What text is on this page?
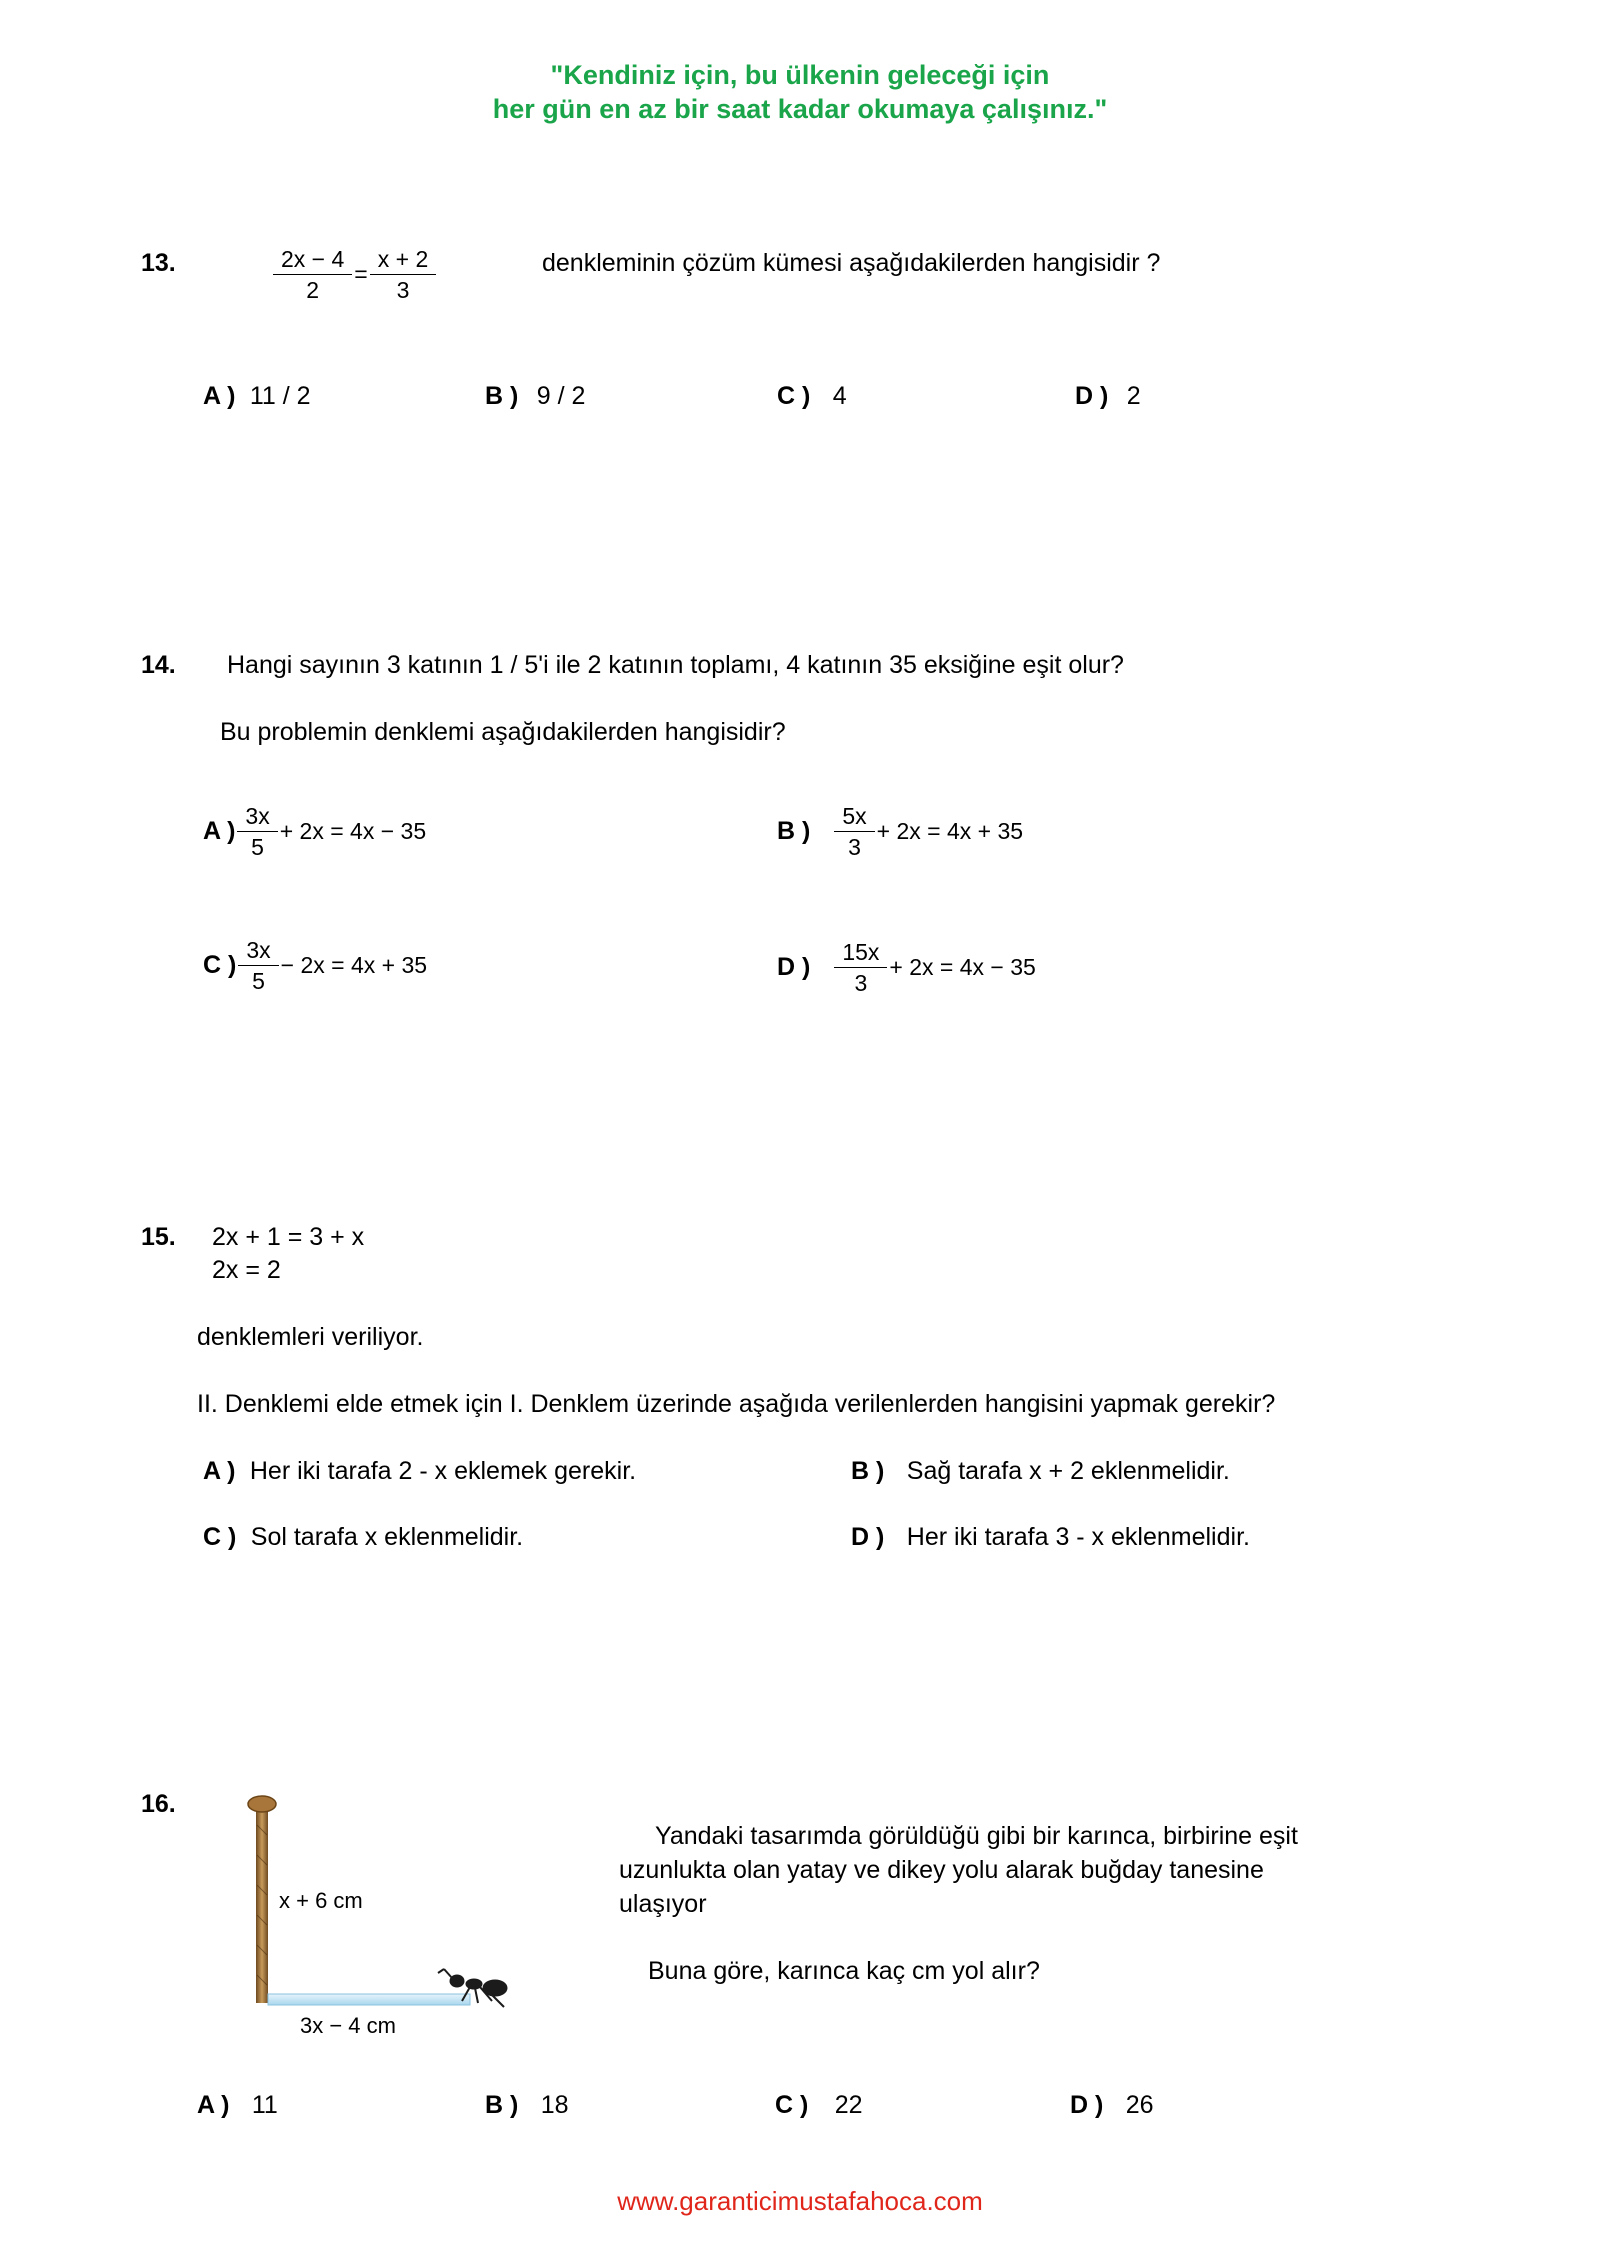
"Kendiniz için, bu ülkenin geleceği için
her gün en az bir saat kadar okumaya çalışınız."
13.	$\frac{2x - 4}{2} = \frac{x + 2}{3}$	denkleminin çözüm kümesi aşağıdakilerden hangisidir ?
A ) 11 / 2	B ) 9 / 2	C ) 4	D ) 2
14. Hangi sayının 3 katının 1 / 5'i ile 2 katının toplamı, 4 katının 35 eksiğine eşit olur?
Bu problemin denklemi aşağıdakilerden hangisidir?
A ) $\frac{3x}{5} + 2x = 4x - 35$	B ) $\frac{5x}{3} + 2x = 4x + 35$
C ) $\frac{3x}{5} - 2x = 4x + 35$	D ) $\frac{15x}{3} + 2x = 4x - 35$
15. 2x + 1 = 3 + x
2x = 2
denklemleri veriliyor.
II. Denklemi elde etmek için I. Denklem üzerinde aşağıda verilenlerden hangisini yapmak gerekir?
A ) Her iki tarafa 2 - x eklemek gerekir.	B ) Sağ tarafa x + 2 eklenmelidir.
C ) Sol tarafa x eklenmelidir.	D ) Her iki tarafa 3 - x eklenmelidir.
16.
x + 6 cm
3x − 4 cm
Yandaki tasarımda görüldüğü gibi bir karınca, birbirine eşit
uzunlukta olan yatay ve dikey yolu alarak buğday tanesine
ulaşıyor
Buna göre, karınca kaç cm yol alır?
A ) 11	B ) 18	C ) 22	D ) 26
www.garanticimustafahoca.com
